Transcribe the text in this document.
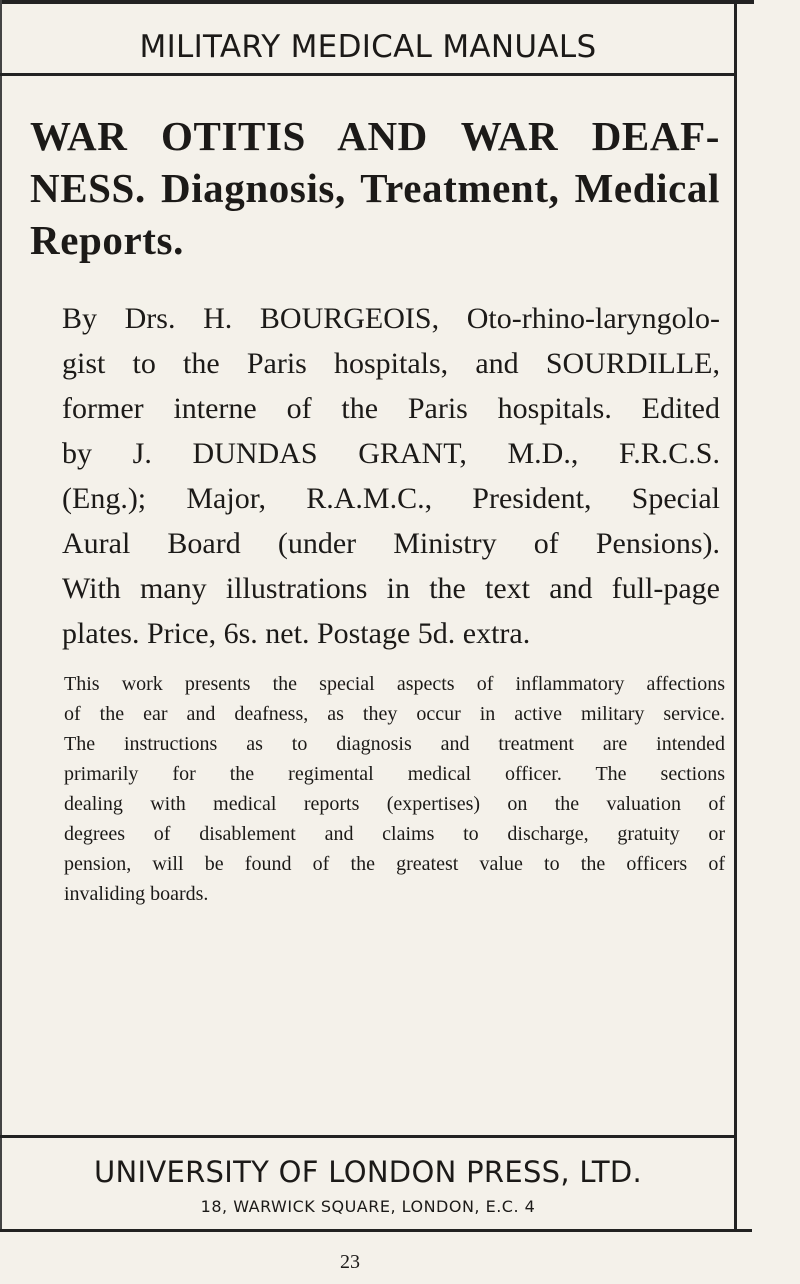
MILITARY MEDICAL MANUALS
WAR OTITIS AND WAR DEAF-
NESS. Diagnosis, Treatment, Medical
Reports.
By Drs. H. BOURGEOIS, Oto-rhino-laryngolo-
gist to the Paris hospitals, and SOURDILLE,
former interne of the Paris hospitals. Edited
by J. DUNDAS GRANT, M.D., F.R.C.S.
(Eng.); Major, R.A.M.C., President, Special
Aural Board (under Ministry of Pensions).
With many illustrations in the text and full-page
plates. Price, 6s. net. Postage 5d. extra.
This work presents the special aspects of inflammatory affections
of the ear and deafness, as they occur in active military service.
The instructions as to diagnosis and treatment are intended
primarily for the regimental medical officer. The sections
dealing with medical reports (expertises) on the valuation of
degrees of disablement and claims to discharge, gratuity or
pension, will be found of the greatest value to the officers of
invaliding boards.
UNIVERSITY OF LONDON PRESS, LTD.
18, WARWICK SQUARE, LONDON, E.C. 4
23
